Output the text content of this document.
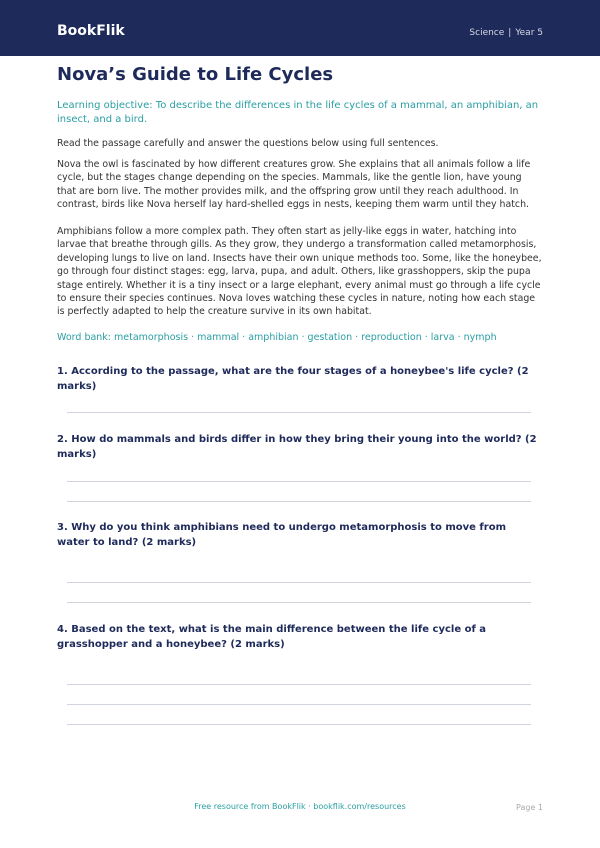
BookFlik	Science | Year 5
Nova’s Guide to Life Cycles

Learning objective: To describe the differences in the life cycles of a mammal, an amphibian, an insect, and a bird.

Read the passage carefully and answer the questions below using full sentences.

Nova the owl is fascinated by how different creatures grow. She explains that all animals follow a life cycle, but the stages change depending on the species. Mammals, like the gentle lion, have young that are born live. The mother provides milk, and the offspring grow until they reach adulthood. In contrast, birds like Nova herself lay hard-shelled eggs in nests, keeping them warm until they hatch.

Amphibians follow a more complex path. They often start as jelly-like eggs in water, hatching into larvae that breathe through gills. As they grow, they undergo a transformation called metamorphosis, developing lungs to live on land. Insects have their own unique methods too. Some, like the honeybee, go through four distinct stages: egg, larva, pupa, and adult. Others, like grasshoppers, skip the pupa stage entirely. Whether it is a tiny insect or a large elephant, every animal must go through a life cycle to ensure their species continues. Nova loves watching these cycles in nature, noting how each stage is perfectly adapted to help the creature survive in its own habitat.

Word bank: metamorphosis · mammal · amphibian · gestation · reproduction · larva · nymph

1. According to the passage, what are the four stages of a honeybee's life cycle? (2 marks)

2. How do mammals and birds differ in how they bring their young into the world? (2 marks)

3. Why do you think amphibians need to undergo metamorphosis to move from water to land? (2 marks)

4. Based on the text, what is the main difference between the life cycle of a grasshopper and a honeybee? (2 marks)

Free resource from BookFlik · bookflik.com/resources	Page 1
